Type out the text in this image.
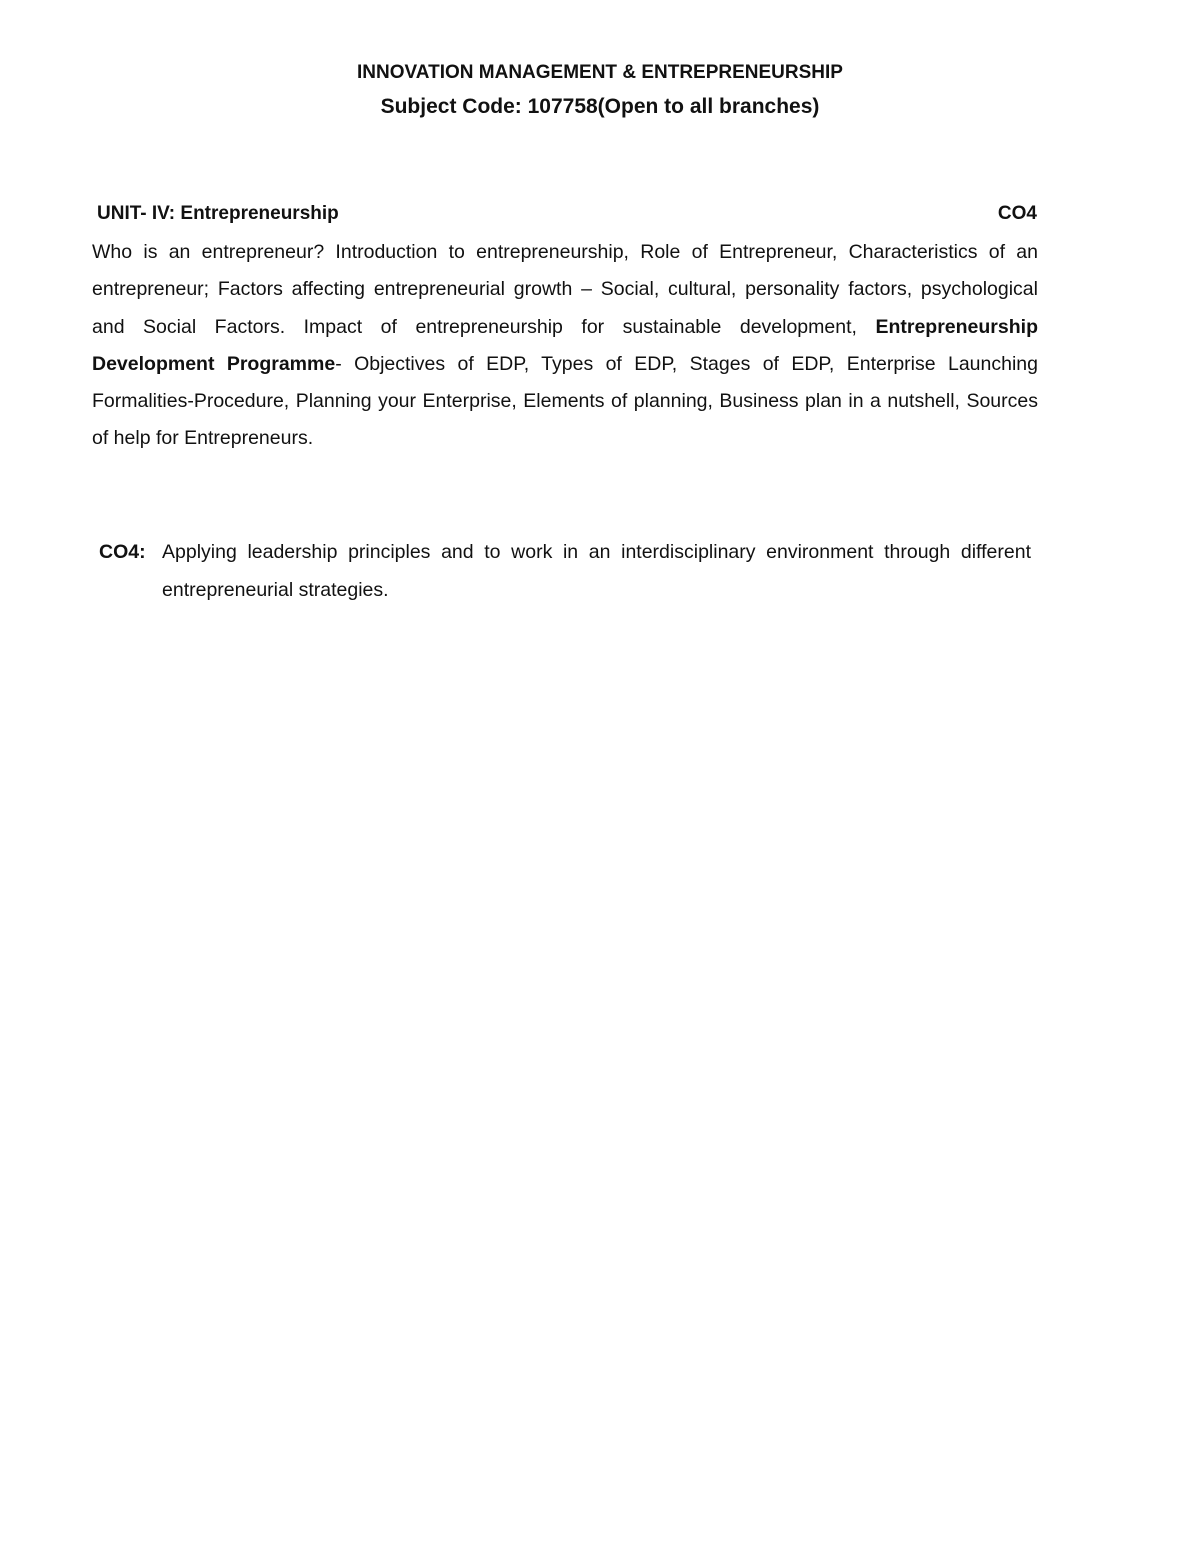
INNOVATION MANAGEMENT & ENTREPRENEURSHIP
Subject Code: 107758(Open to all branches)
UNIT- IV: Entrepreneurship	CO4

Who is an entrepreneur? Introduction to entrepreneurship, Role of Entrepreneur, Characteristics of an entrepreneur; Factors affecting entrepreneurial growth – Social, cultural, personality factors, psychological and Social Factors. Impact of entrepreneurship for sustainable development, Entrepreneurship Development Programme- Objectives of EDP, Types of EDP, Stages of EDP, Enterprise Launching Formalities-Procedure, Planning your Enterprise, Elements of planning, Business plan in a nutshell, Sources of help for Entrepreneurs.

CO4: Applying leadership principles and to work in an interdisciplinary environment through different entrepreneurial strategies.
